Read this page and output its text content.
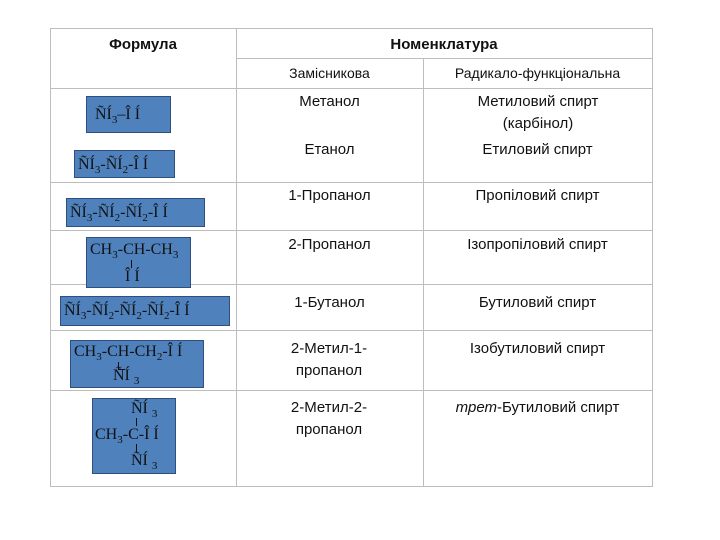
Формула	Номенклатура
Замісникова	Радикало-функціональна
Метанол
Етанол
1-Пропанол
2-Пропанол
1-Бутанол
2-Метил-1-пропанол
2-Метил-2-пропанол
Метиловий спирт (карбінол)
Етиловий спирт
Пропіловий спирт
Ізопропіловий спирт
Бутиловий спирт
Ізобутиловий спирт
трет-Бутиловий спирт
$ÑÍ_3-Î$ Í
$ÑÍ_3-ÑÍ_2-Î$ Í
$ÑÍ_3-ÑÍ_2-ÑÍ_2-Î$ Í
$CH_3-CH-CH_3$
Î Í
$ÑÍ_3-ÑÍ_2-ÑÍ_2-ÑÍ_2-Î$ Í
$CH_3-CH-CH_2-Î$ Í
ÑÍ $_3$
ÑÍ $_3$
$CH_3-C-Î$ Í
ÑÍ $_3$
